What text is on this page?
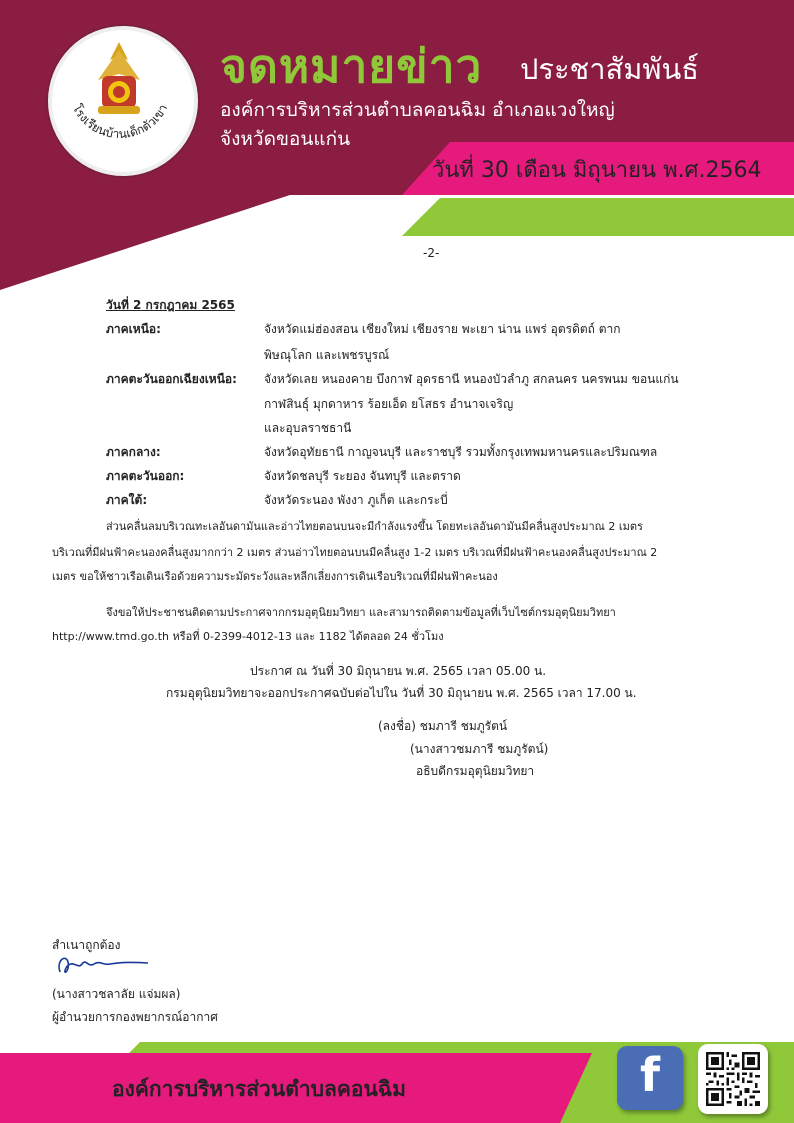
โรงเรียนบ้านเด็กตัวเขา
จดหมายข่าว ประชาสัมพันธ์
องค์การบริหารส่วนตำบลคอนฉิม อำเภอแวงใหญ่
จังหวัดขอนแก่น
วันที่ 30 เดือน มิถุนายน พ.ศ.2564
-2-
วันที่ 2 กรกฎาคม 2565
ภาคเหนือ:	จังหวัดแม่ฮ่องสอน เชียงใหม่ เชียงราย พะเยา น่าน แพร่ อุตรดิตถ์ ตาก
พิษณุโลก และเพชรบูรณ์
ภาคตะวันออกเฉียงเหนือ: จังหวัดเลย หนองคาย บึงกาฬ อุดรธานี หนองบัวลำภู สกลนคร นครพนม ขอนแก่น
กาฬสินธุ์ มุกดาหาร ร้อยเอ็ด ยโสธร อำนาจเจริญ
และอุบลราชธานี
ภาคกลาง:	จังหวัดอุทัยธานี กาญจนบุรี และราชบุรี รวมทั้งกรุงเทพมหานครและปริมณฑล
ภาคตะวันออก:	จังหวัดชลบุรี ระยอง จันทบุรี และตราด
ภาคใต้:	จังหวัดระนอง พังงา ภูเก็ต และกระบี่
ส่วนคลื่นลมบริเวณทะเลอันดามันและอ่าวไทยตอนบนจะมีกำลังแรงขึ้น โดยทะเลอันดามันมีคลื่นสูงประมาณ 2 เมตร
บริเวณที่มีฝนฟ้าคะนองคลื่นสูงมากกว่า 2 เมตร ส่วนอ่าวไทยตอนบนมีคลื่นสูง 1-2 เมตร บริเวณที่มีฝนฟ้าคะนองคลื่นสูงประมาณ 2
เมตร ขอให้ชาวเรือเดินเรือด้วยความระมัดระวังและหลีกเลี่ยงการเดินเรือบริเวณที่มีฝนฟ้าคะนอง
จึงขอให้ประชาชนติดตามประกาศจากกรมอุตุนิยมวิทยา และสามารถติดตามข้อมูลที่เว็บไซต์กรมอุตุนิยมวิทยา
http://www.tmd.go.th หรือที่ 0-2399-4012-13 และ 1182 ได้ตลอด 24 ชั่วโมง
ประกาศ ณ วันที่ 30 มิถุนายน พ.ศ. 2565 เวลา 05.00 น.
กรมอุตุนิยมวิทยาจะออกประกาศฉบับต่อไปใน วันที่ 30 มิถุนายน พ.ศ. 2565 เวลา 17.00 น.
(ลงชื่อ) ชมภารี ชมภูรัตน์
(นางสาวชมภารี ชมภูรัตน์)
อธิบดีกรมอุตุนิยมวิทยา
สำเนาถูกต้อง
(นางสาวชลาลัย แจ่มผล)
ผู้อำนวยการกองพยากรณ์อากาศ
องค์การบริหารส่วนตำบลคอนฉิม	f
